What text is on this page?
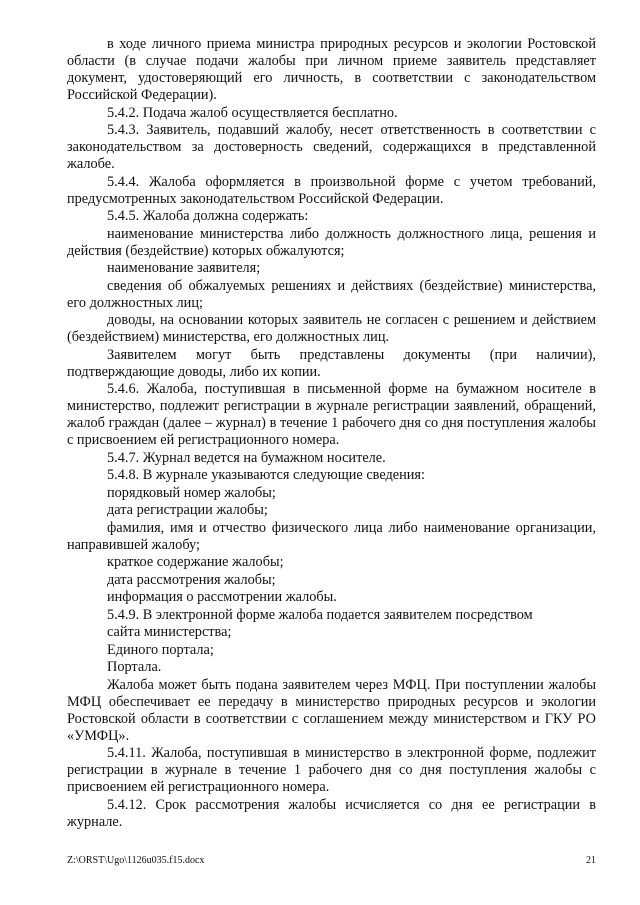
в ходе личного приема министра природных ресурсов и экологии Ростовской области (в случае подачи жалобы при личном приеме заявитель представляет документ, удостоверяющий его личность, в соответствии с законодательством Российской Федерации).

5.4.2. Подача жалоб осуществляется бесплатно.

5.4.3. Заявитель, подавший жалобу, несет ответственность в соответствии с законодательством за достоверность сведений, содержащихся в представленной жалобе.

5.4.4. Жалоба оформляется в произвольной форме с учетом требований, предусмотренных законодательством Российской Федерации.

5.4.5. Жалоба должна содержать:

наименование министерства либо должность должностного лица, решения и действия (бездействие) которых обжалуются;

наименование заявителя;

сведения об обжалуемых решениях и действиях (бездействие) министерства, его должностных лиц;

доводы, на основании которых заявитель не согласен с решением и действием (бездействием) министерства, его должностных лиц.

Заявителем могут быть представлены документы (при наличии), подтверждающие доводы, либо их копии.

5.4.6. Жалоба, поступившая в письменной форме на бумажном носителе в министерство, подлежит регистрации в журнале регистрации заявлений, обращений, жалоб граждан (далее – журнал) в течение 1 рабочего дня со дня поступления жалобы с присвоением ей регистрационного номера.

5.4.7. Журнал ведется на бумажном носителе.

5.4.8. В журнале указываются следующие сведения:

порядковый номер жалобы;

дата регистрации жалобы;

фамилия, имя и отчество физического лица либо наименование организации, направившей жалобу;

краткое содержание жалобы;

дата рассмотрения жалобы;

информация о рассмотрении жалобы.

5.4.9. В электронной форме жалоба подается заявителем посредством

сайта министерства;

Единого портала;

Портала.

Жалоба может быть подана заявителем через МФЦ. При поступлении жалобы МФЦ обеспечивает ее передачу в министерство природных ресурсов и экологии Ростовской области в соответствии с соглашением между министерством и ГКУ РО «УМФЦ».

5.4.11. Жалоба, поступившая в министерство в электронной форме, подлежит регистрации в журнале в течение 1 рабочего дня со дня поступления жалобы с присвоением ей регистрационного номера.

5.4.12. Срок рассмотрения жалобы исчисляется со дня ее регистрации в журнале.

Z:\ORST\Ugo\1126u035.f15.docx	21
